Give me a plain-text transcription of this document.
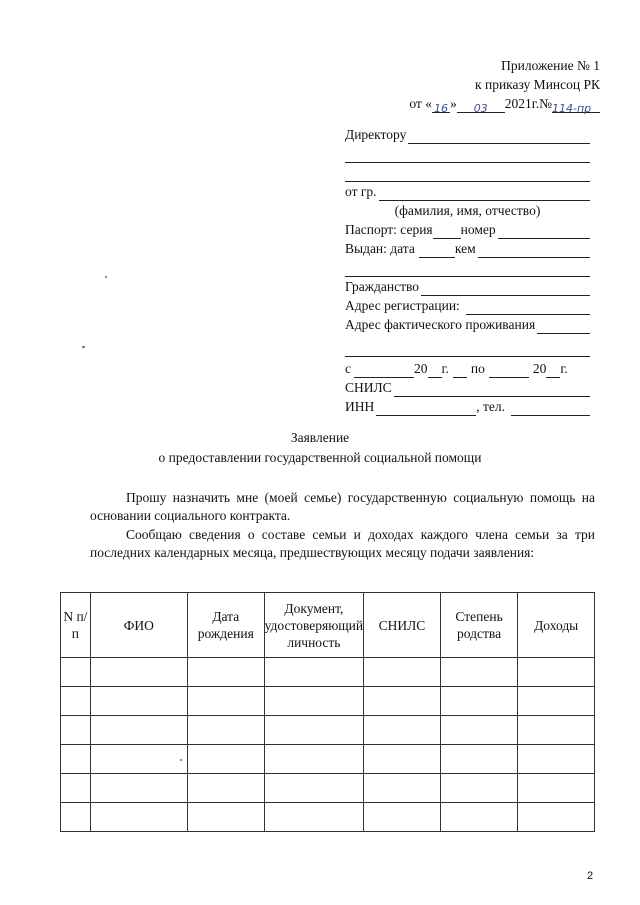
Приложение № 1
к приказу Минсоц РК
от « 16 » 03 2021г.№114-пр
Директору
от гр.
(фамилия, имя, отчество)
Паспорт: серия номер
Выдан: дата	кем
Гражданство
Адрес регистрации:
Адрес фактического проживания
с	20 г. по	20 г.
СНИЛС
ИНН	, тел.
Заявление
о предоставлении государственной социальной помощи
Прошу назначить мне (моей семье) государственную социальную помощь на основании социального контракта.
Сообщаю сведения о составе семьи и доходах каждого члена семьи за три последних календарных месяца, предшествующих месяцу подачи заявления:
N п/п	ФИО	Дата рождения	Документ, удостоверяющий личность	СНИЛС	Степень родства	Доходы

2
